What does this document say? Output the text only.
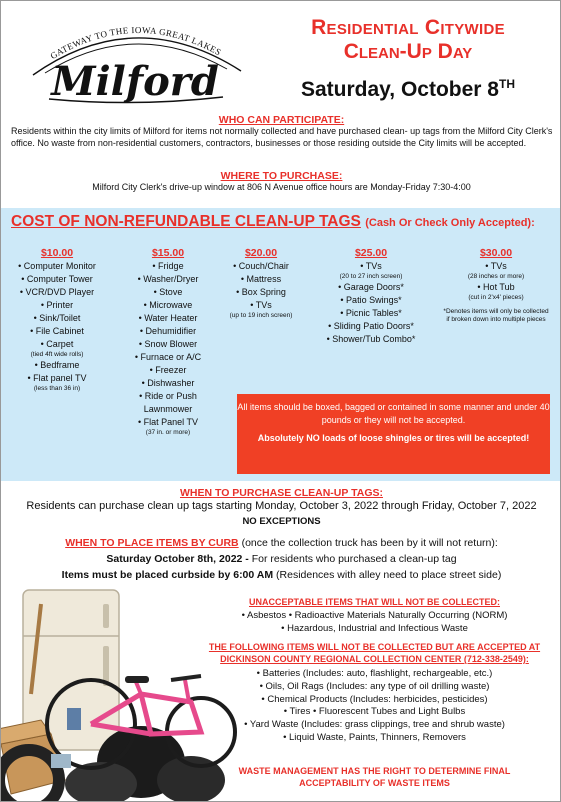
GATEWAY TO THE IOWA GREAT LAKES
Milford
Residential Citywide
Clean-Up Day
Saturday, October 8TH
WHO CAN PARTICIPATE:
Residents within the city limits of Milford for items not normally collected and have purchased clean- up tags from the Milford City Clerk's office. No waste from non-residential customers, contractors, businesses or those residing outside the City limits will be accepted.
WHERE TO PURCHASE:
Milford City Clerk's drive-up window at 806 N Avenue office hours are Monday-Friday 7:30-4:00
COST OF NON-REFUNDABLE CLEAN-UP TAGS (Cash Or Check Only Accepted):
$10.00
• Computer Monitor
• Computer Tower
• VCR/DVD Player
• Printer
• Sink/Toilet
• File Cabinet
• Carpet
(tied 4ft wide rolls)
• Bedframe
• Flat panel TV
(less than 36 in)
$15.00
• Fridge
• Washer/Dryer
• Stove
• Microwave
• Water Heater
• Dehumidifier
• Snow Blower
• Furnace or A/C
• Freezer
• Dishwasher
• Ride or Push
Lawnmower
• Flat Panel TV
(37 in. or more)
$20.00
• Couch/Chair
• Mattress
• Box Spring
• TVs
(up to 19 inch screen)
$25.00
• TVs
(20 to 27 inch screen)
• Garage Doors*
• Patio Swings*
• Picnic Tables*
• Sliding Patio Doors*
• Shower/Tub Combo*
$30.00
• TVs
(28 inches or more)
• Hot Tub
(cut in 2'x4' pieces)
*Denotes items will only be collected if broken down into multiple pieces
All items should be boxed, bagged or contained in some manner and under 40 pounds or they will not be accepted.
Absolutely NO loads of loose shingles or tires will be accepted!
WHEN TO PURCHASE CLEAN-UP TAGS:
Residents can purchase clean up tags starting Monday, October 3, 2022 through Friday, October 7, 2022
NO EXCEPTIONS
WHEN TO PLACE ITEMS BY CURB (once the collection truck has been by it will not return):
Saturday October 8th, 2022 - For residents who purchased a clean-up tag
Items must be placed curbside by 6:00 AM (Residences with alley need to place street side)
UNACCEPTABLE ITEMS THAT WILL NOT BE COLLECTED:
• Asbestos • Radioactive Materials Naturally Occurring (NORM)
• Hazardous, Industrial and Infectious Waste
THE FOLLOWING ITEMS WILL NOT BE COLLECTED BUT ARE ACCEPTED AT
DICKINSON COUNTY REGIONAL COLLECTION CENTER (712-338-2549):
• Batteries (Includes: auto, flashlight, rechargeable, etc.)
• Oils, Oil Rags (Includes: any type of oil drilling waste)
• Chemical Products (Includes: herbicides, pesticides)
• Tires • Fluorescent Tubes and Light Bulbs
• Yard Waste (Includes: grass clippings, tree and shrub waste)
• Liquid Waste, Paints, Thinners, Removers
WASTE MANAGEMENT HAS THE RIGHT TO DETERMINE FINAL
ACCEPTABILITY OF WASTE ITEMS
